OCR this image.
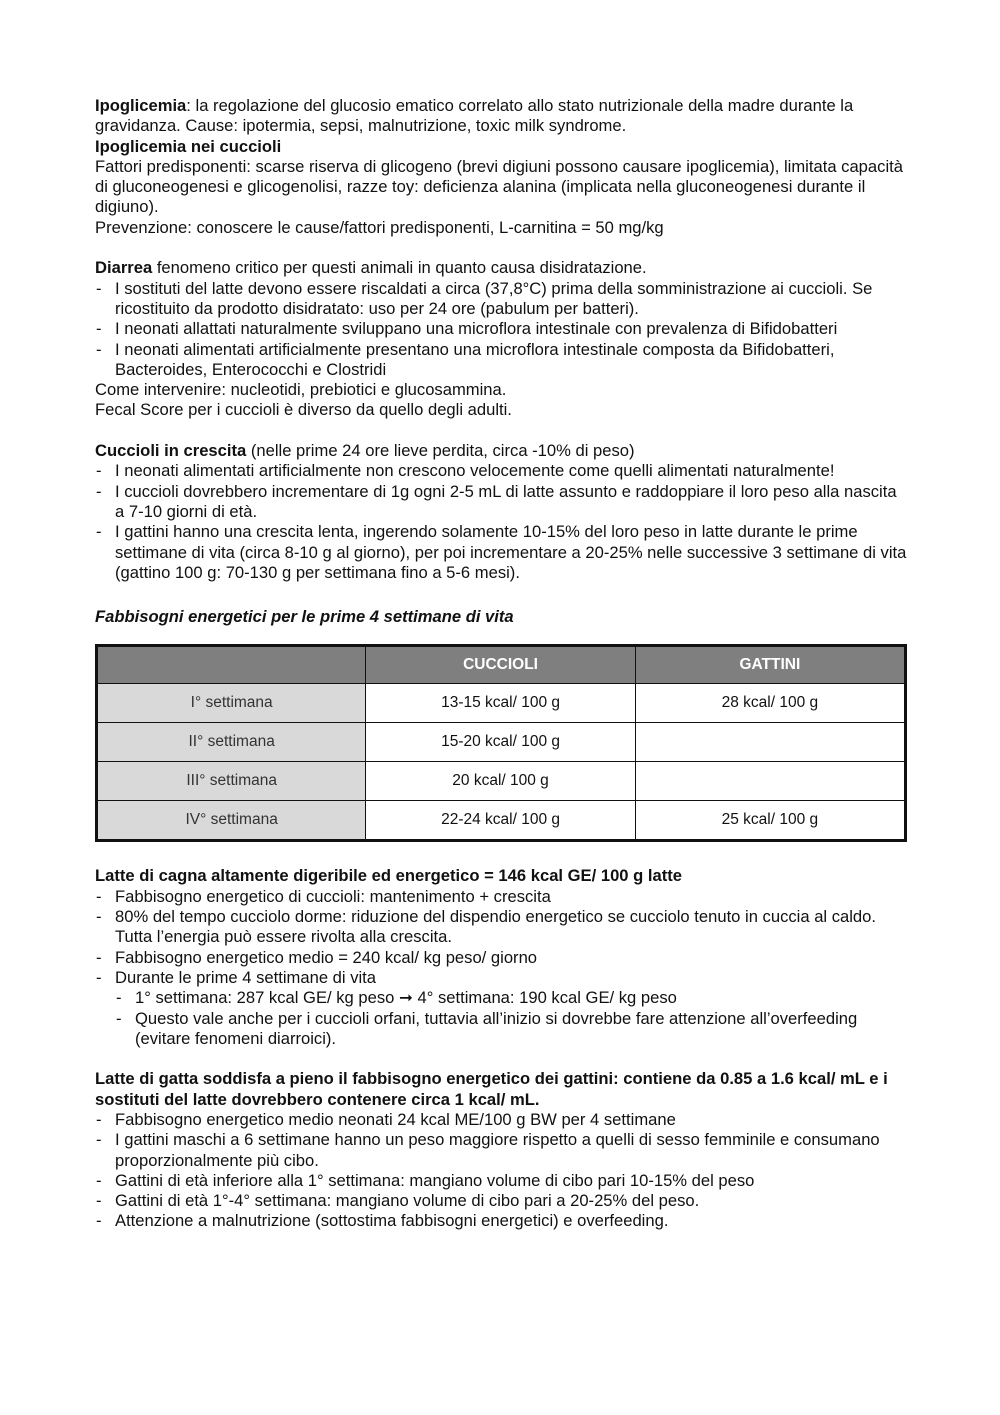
Ipoglicemia: la regolazione del glucosio ematico correlato allo stato nutrizionale della madre durante la gravidanza. Cause: ipotermia, sepsi, malnutrizione, toxic milk syndrome.

Ipoglicemia nei cuccioli

Fattori predisponenti: scarse riserva di glicogeno (brevi digiuni possono causare ipoglicemia), limitata capacità di gluconeogenesi e glicogenolisi, razze toy: deficienza alanina (implicata nella gluconeogenesi durante il digiuno).

Prevenzione: conoscere le cause/fattori predisponenti, L-carnitina = 50 mg/kg

Diarrea fenomeno critico per questi animali in quanto causa disidratazione.

- I sostituti del latte devono essere riscaldati a circa (37,8°C) prima della somministrazione ai cuccioli. Se ricostituito da prodotto disidratato: uso per 24 ore (pabulum per batteri).
- I neonati allattati naturalmente sviluppano una microflora intestinale con prevalenza di Bifidobatteri
- I neonati alimentati artificialmente presentano una microflora intestinale composta da Bifidobatteri, Bacteroides, Enterococchi e Clostridi

Come intervenire: nucleotidi, prebiotici e glucosammina.

Fecal Score per i cuccioli è diverso da quello degli adulti.

Cuccioli in crescita (nelle prime 24 ore lieve perdita, circa -10% di peso)

- I neonati alimentati artificialmente non crescono velocemente come quelli alimentati naturalmente!
- I cuccioli dovrebbero incrementare di 1g ogni 2-5 mL di latte assunto e raddoppiare il loro peso alla nascita a 7-10 giorni di età.
- I gattini hanno una crescita lenta, ingerendo solamente 10-15% del loro peso in latte durante le prime settimane di vita (circa 8-10 g al giorno), per poi incrementare a 20-25% nelle successive 3 settimane di vita (gattino 100 g: 70-130 g per settimana fino a 5-6 mesi).

Fabbisogni energetici per le prime 4 settimane di vita

	CUCCIOLI	GATTINI
I° settimana	13-15 kcal/ 100 g	28 kcal/ 100 g
II° settimana	15-20 kcal/ 100 g	
III° settimana	20 kcal/ 100 g	
IV° settimana	22-24 kcal/ 100 g	25 kcal/ 100 g

Latte di cagna altamente digeribile ed energetico = 146 kcal GE/ 100 g latte

- Fabbisogno energetico di cuccioli: mantenimento + crescita
- 80% del tempo cucciolo dorme: riduzione del dispendio energetico se cucciolo tenuto in cuccia al caldo. Tutta l’energia può essere rivolta alla crescita.
- Fabbisogno energetico medio = 240 kcal/ kg peso/ giorno
- Durante le prime 4 settimane di vita
- 1° settimana: 287 kcal GE/ kg peso ➞ 4° settimana: 190 kcal GE/ kg peso
- Questo vale anche per i cuccioli orfani, tuttavia all’inizio si dovrebbe fare attenzione all’overfeeding (evitare fenomeni diarroici).

Latte di gatta soddisfa a pieno il fabbisogno energetico dei gattini: contiene da 0.85 a 1.6 kcal/ mL e i sostituti del latte dovrebbero contenere circa 1 kcal/ mL.

- Fabbisogno energetico medio neonati 24 kcal ME/100 g BW per 4 settimane
- I gattini maschi a 6 settimane hanno un peso maggiore rispetto a quelli di sesso femminile e consumano proporzionalmente più cibo.
- Gattini di età inferiore alla 1° settimana: mangiano volume di cibo pari 10-15% del peso
- Gattini di età 1°-4° settimana: mangiano volume di cibo pari a 20-25% del peso.
- Attenzione a malnutrizione (sottostima fabbisogni energetici) e overfeeding.
